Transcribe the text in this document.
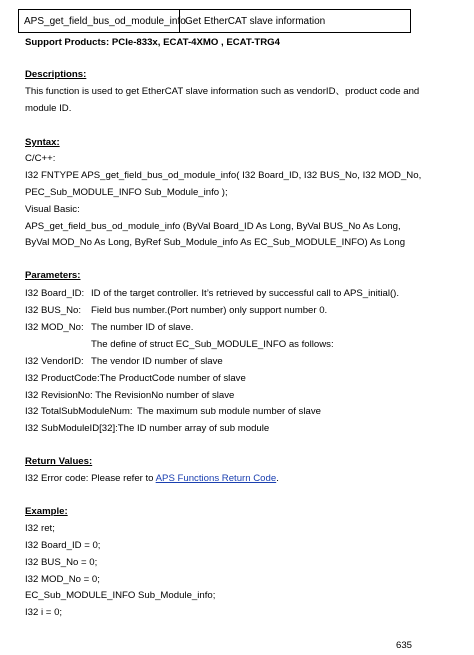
APS_get_field_bus_od_module_info Get EtherCAT slave information
Support Products: PCIe-833x, ECAT-4XMO , ECAT-TRG4
Descriptions:
This function is used to get EtherCAT slave information such as vendorID、product code and
module ID.
Syntax:
C/C++:
I32 FNTYPE APS_get_field_bus_od_module_info( I32 Board_ID, I32 BUS_No, I32 MOD_No,
PEC_Sub_MODULE_INFO Sub_Module_info );
Visual Basic:
APS_get_field_bus_od_module_info (ByVal Board_ID As Long, ByVal BUS_No As Long,
ByVal MOD_No As Long, ByRef Sub_Module_info As EC_Sub_MODULE_INFO) As Long
Parameters:
I32 Board_ID: ID of the target controller. It’s retrieved by successful call to APS_initial().
I32 BUS_No: Field bus number.(Port number) only support number 0.
I32 MOD_No: The number ID of slave.
The define of struct EC_Sub_MODULE_INFO as follows:
I32 VendorID: The vendor ID number of slave
I32 ProductCode:The ProductCode number of slave
I32 RevisionNo: The RevisionNo number of slave
I32 TotalSubModuleNum: The maximum sub module number of slave
I32 SubModuleID[32]:The ID number array of sub module
Return Values:
I32 Error code: Please refer to APS Functions Return Code.
Example:
I32 ret;
I32 Board_ID = 0;
I32 BUS_No = 0;
I32 MOD_No = 0;
EC_Sub_MODULE_INFO Sub_Module_info;
I32 i = 0;
635
